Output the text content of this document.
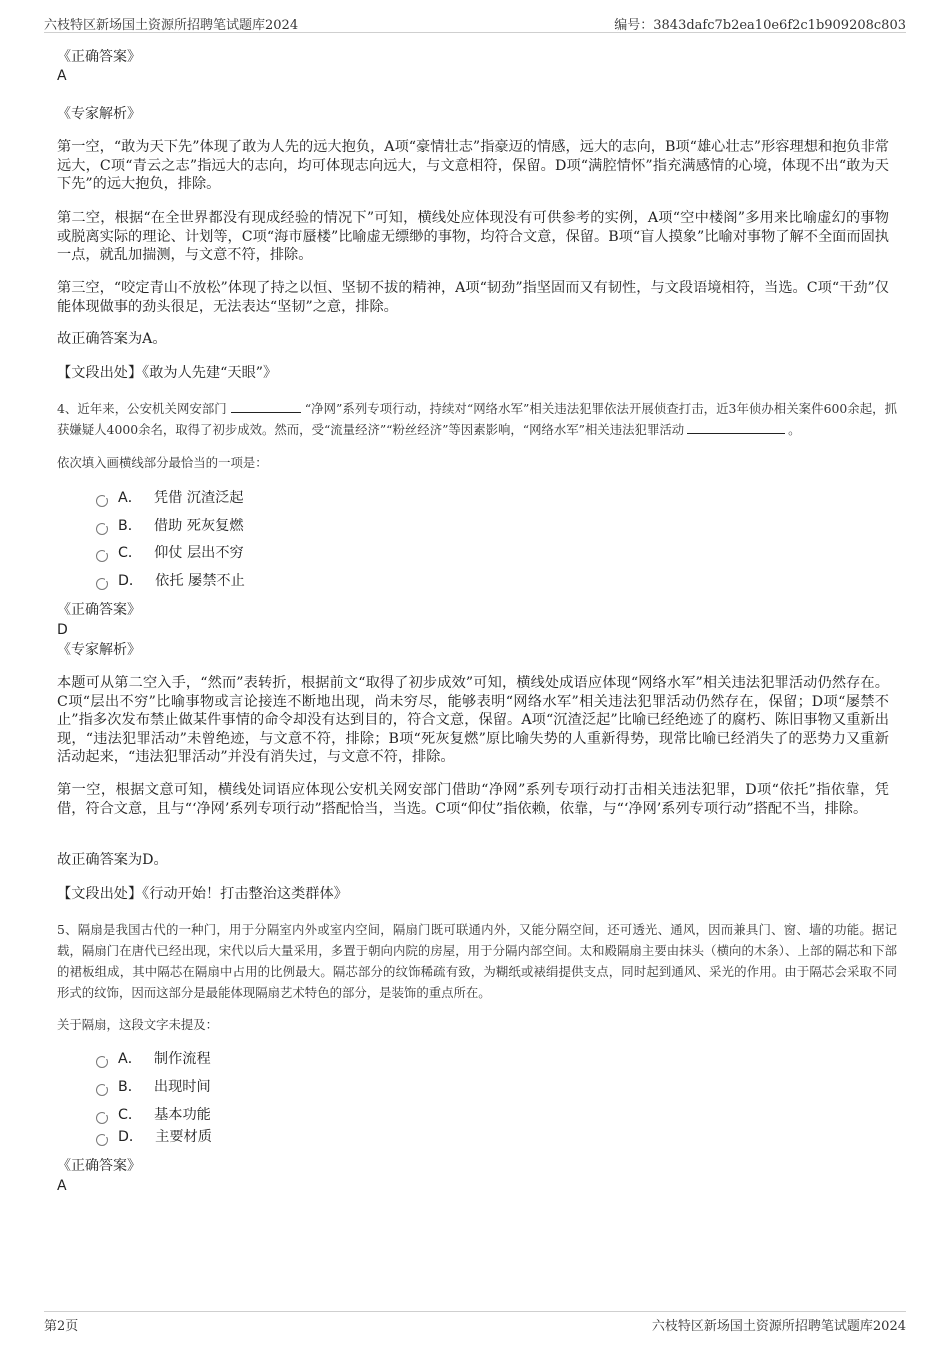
六枝特区新场国土资源所招聘笔试题库2024	编号：3843dafc7b2ea10e6f2c1b909208c803
《正确答案》
A
《专家解析》

第一空，“敢为天下先”体现了敢为人先的远大抱负，A项“豪情壮志”指豪迈的情感，远大的志向，B项“雄心壮志”形容理想和抱负非常远大，C项“青云之志”指远大的志向，均可体现志向远大，与文意相符，保留。D项“满腔情怀”指充满感情的心境，体现不出“敢为天下先”的远大抱负，排除。

第二空，根据“在全世界都没有现成经验的情况下”可知，横线处应体现没有可供参考的实例，A项“空中楼阁”多用来比喻虚幻的事物或脱离实际的理论、计划等，C项“海市蜃楼”比喻虚无缥缈的事物，均符合文意，保留。B项“盲人摸象”比喻对事物了解不全面而固执一点，就乱加揣测，与文意不符，排除。

第三空，“咬定青山不放松”体现了持之以恒、坚韧不拔的精神，A项“韧劲”指坚固而又有韧性，与文段语境相符，当选。C项“干劲”仅能体现做事的劲头很足，无法表达“坚韧”之意，排除。

故正确答案为A。

【文段出处】《敢为人先建“天眼”》

4、近年来，公安机关网安部门	“净网”系列专项行动，持续对“网络水军”相关违法犯罪依法开展侦查打击，近3年侦办相关案件600余起，抓获嫌疑人4000余名，取得了初步成效。然而，受“流量经济”“粉丝经济”等因素影响，“网络水军”相关违法犯罪活动	。

依次填入画横线部分最恰当的一项是：
A． 凭借 沉渣泛起
B． 借助 死灰复燃
C． 仰仗 层出不穷
D． 依托 屡禁不止
《正确答案》
D
《专家解析》

本题可从第二空入手，“然而”表转折，根据前文“取得了初步成效”可知，横线处成语应体现“网络水军”相关违法犯罪活动仍然存在。C项“层出不穷”比喻事物或言论接连不断地出现，尚未穷尽，能够表明“网络水军”相关违法犯罪活动仍然存在，保留；D项“屡禁不止”指多次发布禁止做某件事情的命令却没有达到目的，符合文意，保留。A项“沉渣泛起”比喻已经绝迹了的腐朽、陈旧事物又重新出现，“违法犯罪活动”未曾绝迹，与文意不符，排除；B项“死灰复燃”原比喻失势的人重新得势，现常比喻已经消失了的恶势力又重新活动起来，“违法犯罪活动”并没有消失过，与文意不符，排除。

第一空，根据文意可知，横线处词语应体现公安机关网安部门借助“净网”系列专项行动打击相关违法犯罪，D项“依托”指依靠，凭借，符合文意，且与“‘净网’系列专项行动”搭配恰当，当选。C项“仰仗”指依赖，依靠，与“‘净网’系列专项行动”搭配不当，排除。

故正确答案为D。

【文段出处】《行动开始！打击整治这类群体》

5、隔扇是我国古代的一种门，用于分隔室内外或室内空间，隔扇门既可联通内外，又能分隔空间，还可透光、通风，因而兼具门、窗、墙的功能。据记载，隔扇门在唐代已经出现，宋代以后大量采用，多置于朝向内院的房屋，用于分隔内部空间。太和殿隔扇主要由抹头（横向的木条）、上部的隔芯和下部的裙板组成，其中隔芯在隔扇中占用的比例最大。隔芯部分的纹饰稀疏有致，为糊纸或裱绢提供支点，同时起到通风、采光的作用。由于隔芯会采取不同形式的纹饰，因而这部分是最能体现隔扇艺术特色的部分，是装饰的重点所在。

关于隔扇，这段文字未提及：
A． 制作流程
B． 出现时间
C． 基本功能
D． 主要材质
《正确答案》
A
第2页	六枝特区新场国土资源所招聘笔试题库2024
